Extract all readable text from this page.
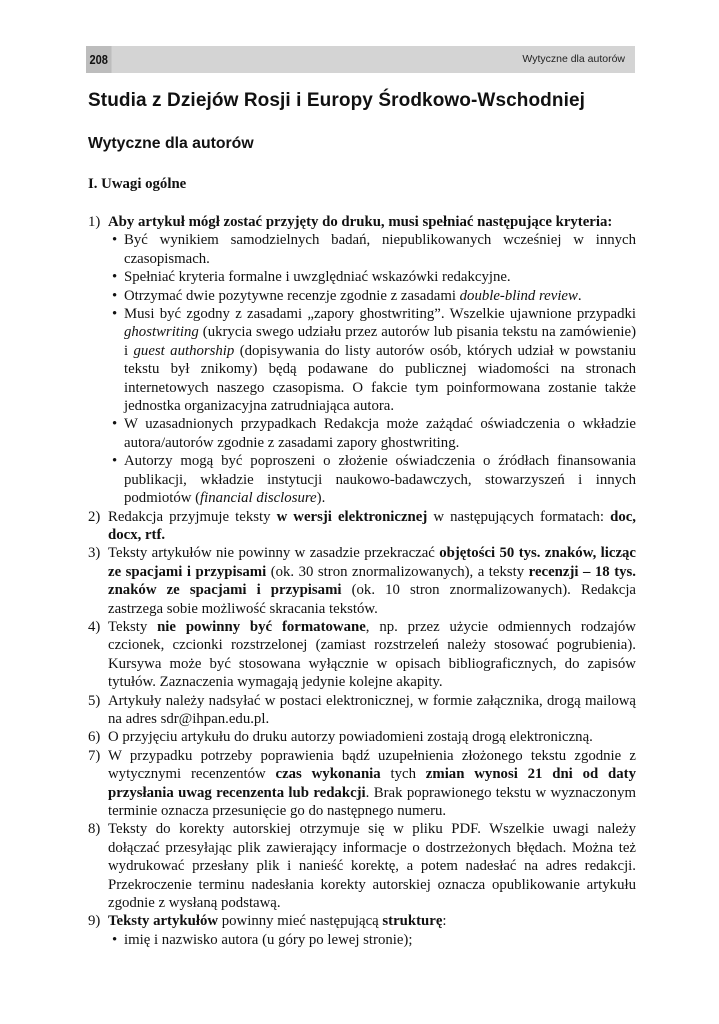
208	Wytyczne dla autorów
Studia z Dziejów Rosji i Europy Środkowo-Wschodniej
Wytyczne dla autorów
I. Uwagi ogólne
1) Aby artykuł mógł zostać przyjęty do druku, musi spełniać następujące kryteria:
• Być wynikiem samodzielnych badań, niepublikowanych wcześniej w innych czasopismach.
• Spełniać kryteria formalne i uwzględniać wskazówki redakcyjne.
• Otrzymać dwie pozytywne recenzje zgodnie z zasadami double-blind review.
• Musi być zgodny z zasadami „zapory ghostwriting”. Wszelkie ujawnione przypadki ghostwriting (ukrycia swego udziału przez autorów lub pisania tekstu na zamówienie) i guest authorship (dopisywania do listy autorów osób, których udział w powstaniu tekstu był znikomy) będą podawane do publicznej wiadomości na stronach internetowych naszego czasopisma. O fakcie tym poinformowana zostanie także jednostka organizacyjna zatrudniająca autora.
• W uzasadnionych przypadkach Redakcja może zażądać oświadczenia o wkładzie autora/autorów zgodnie z zasadami zapory ghostwriting.
• Autorzy mogą być poproszeni o złożenie oświadczenia o źródłach finansowania publikacji, wkładzie instytucji naukowo-badawczych, stowarzyszeń i innych podmiotów (financial disclosure).
2) Redakcja przyjmuje teksty w wersji elektronicznej w następujących formatach: doc, docx, rtf.
3) Teksty artykułów nie powinny w zasadzie przekraczać objętości 50 tys. znaków, licząc ze spacjami i przypisami (ok. 30 stron znormalizowanych), a teksty recenzji – 18 tys. znaków ze spacjami i przypisami (ok. 10 stron znormalizowanych). Redakcja zastrzega sobie możliwość skracania tekstów.
4) Teksty nie powinny być formatowane, np. przez użycie odmiennych rodzajów czcionek, czcionki rozstrzelonej (zamiast rozstrzeleń należy stosować pogrubienia). Kursywa może być stosowana wyłącznie w opisach bibliograficznych, do zapisów tytułów. Zaznaczenia wymagają jedynie kolejne akapity.
5) Artykuły należy nadsyłać w postaci elektronicznej, w formie załącznika, drogą mailową na adres sdr@ihpan.edu.pl.
6) O przyjęciu artykułu do druku autorzy powiadomieni zostają drogą elektroniczną.
7) W przypadku potrzeby poprawienia bądź uzupełnienia złożonego tekstu zgodnie z wytycznymi recenzentów czas wykonania tych zmian wynosi 21 dni od daty przysłania uwag recenzenta lub redakcji. Brak poprawionego tekstu w wyznaczonym terminie oznacza przesunięcie go do następnego numeru.
8) Teksty do korekty autorskiej otrzymuje się w pliku PDF. Wszelkie uwagi należy dołączać przesyłając plik zawierający informacje o dostrzeżonych błędach. Można też wydrukować przesłany plik i nanieść korektę, a potem nadesłać na adres redakcji. Przekroczenie terminu nadesłania korekty autorskiej oznacza opublikowanie artykułu zgodnie z wysłaną podstawą.
9) Teksty artykułów powinny mieć następującą strukturę:
• imię i nazwisko autora (u góry po lewej stronie);
